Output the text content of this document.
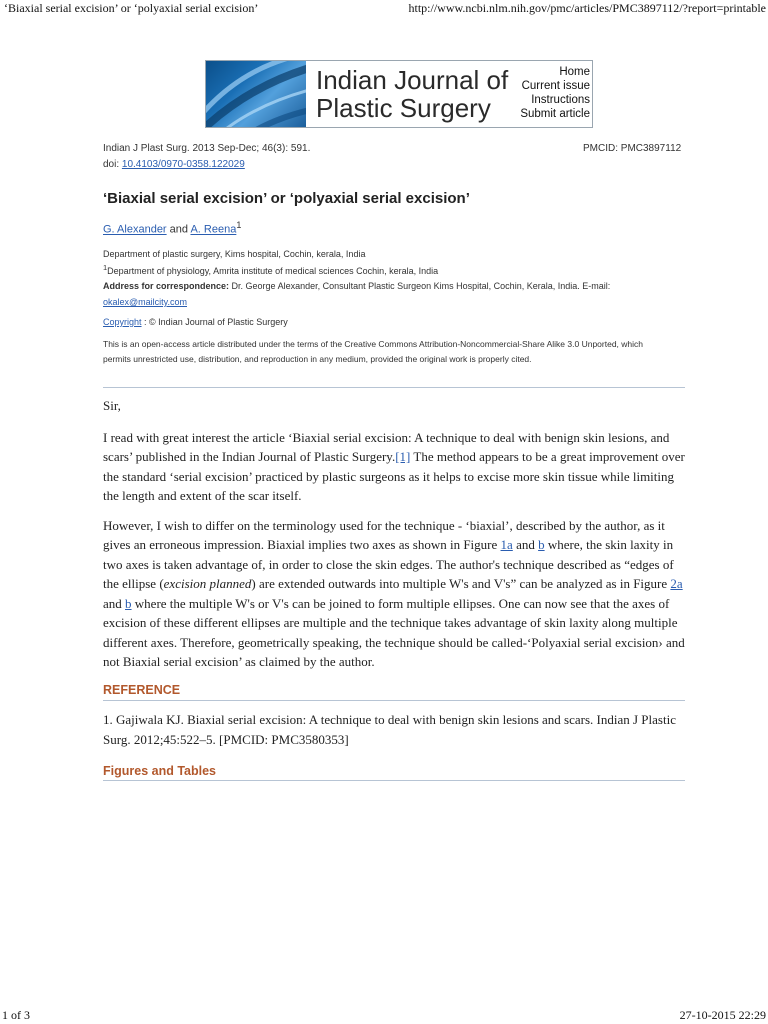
‘Biaxial serial excision’ or ‘polyaxial serial excision’	http://www.ncbi.nlm.nih.gov/pmc/articles/PMC3897112/?report=printable
Indian Journal of Plastic Surgery
Home
Current issue
Instructions
Submit article
Indian J Plast Surg. 2013 Sep-Dec; 46(3): 591.	PMCID: PMC3897112
doi: 10.4103/0970-0358.122029
‘Biaxial serial excision’ or ‘polyaxial serial excision’
G. Alexander and A. Reena$^1$
Department of plastic surgery, Kims hospital, Cochin, kerala, India
$^1$Department of physiology, Amrita institute of medical sciences Cochin, kerala, India
Address for correspondence: Dr. George Alexander, Consultant Plastic Surgeon Kims Hospital, Cochin, Kerala, India. E-mail:
okalex@mailcity.com
Copyright : © Indian Journal of Plastic Surgery
This is an open-access article distributed under the terms of the Creative Commons Attribution-Noncommercial-Share Alike 3.0 Unported, which permits unrestricted use, distribution, and reproduction in any medium, provided the original work is properly cited.

Sir,

I read with great interest the article ‘Biaxial serial excision: A technique to deal with benign skin lesions, and scars’ published in the Indian Journal of Plastic Surgery.[1] The method appears to be a great improvement over the standard ‘serial excision’ practiced by plastic surgeons as it helps to excise more skin tissue while limiting the length and extent of the scar itself.

However, I wish to differ on the terminology used for the technique - ‘biaxial’, described by the author, as it gives an erroneous impression. Biaxial implies two axes as shown in Figure 1a and b where, the skin laxity in two axes is taken advantage of, in order to close the skin edges. The author's technique described as “edges of the ellipse (excision planned) are extended outwards into multiple W's and V's” can be analyzed as in Figure 2a and b where the multiple W's or V's can be joined to form multiple ellipses. One can now see that the axes of excision of these different ellipses are multiple and the technique takes advantage of skin laxity along multiple different axes. Therefore, geometrically speaking, the technique should be called-‘Polyaxial serial excision› and not Biaxial serial excision’ as claimed by the author.

REFERENCE
1. Gajiwala KJ. Biaxial serial excision: A technique to deal with benign skin lesions and scars. Indian J Plastic Surg. 2012;45:522–5. [PMCID: PMC3580353]
Figures and Tables
1 of 3	27-10-2015 22:29
